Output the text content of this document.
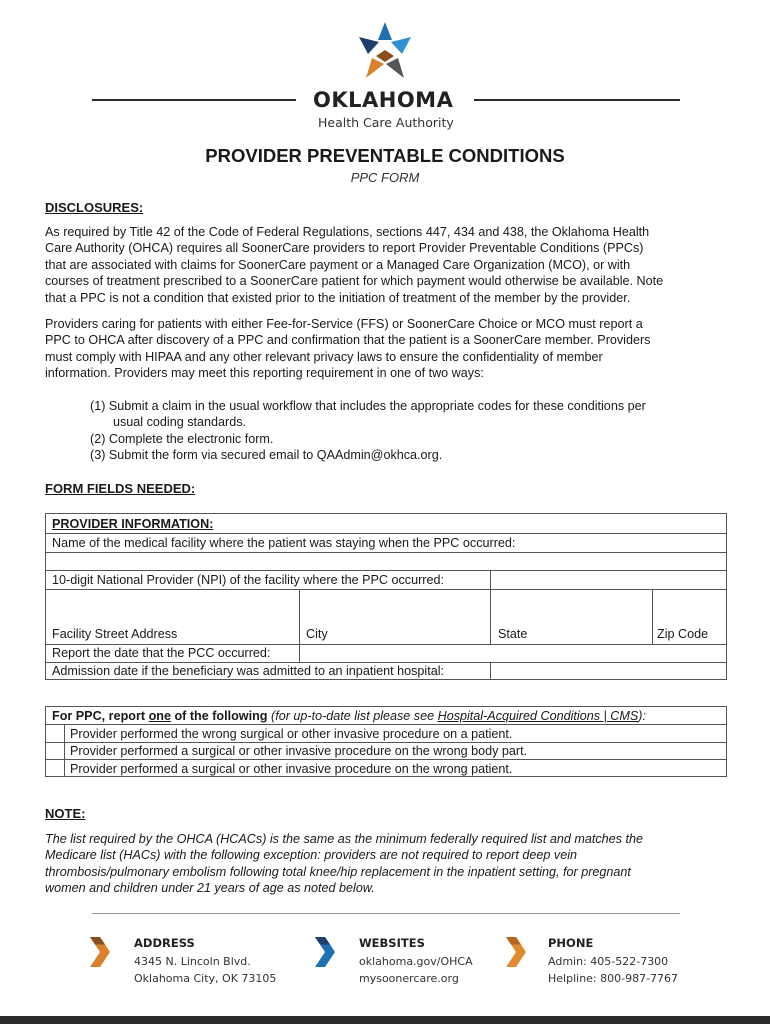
OKLAHOMA
Health Care Authority
PROVIDER PREVENTABLE CONDITIONS
PPC FORM
DISCLOSURES:
As required by Title 42 of the Code of Federal Regulations, sections 447, 434 and 438, the Oklahoma Health
Care Authority (OHCA) requires all SoonerCare providers to report Provider Preventable Conditions (PPCs)
that are associated with claims for SoonerCare payment or a Managed Care Organization (MCO), or with
courses of treatment prescribed to a SoonerCare patient for which payment would otherwise be available. Note
that a PPC is not a condition that existed prior to the initiation of treatment of the member by the provider.
Providers caring for patients with either Fee-for-Service (FFS) or SoonerCare Choice or MCO must report a
PPC to OHCA after discovery of a PPC and confirmation that the patient is a SoonerCare member. Providers
must comply with HIPAA and any other relevant privacy laws to ensure the confidentiality of member
information. Providers may meet this reporting requirement in one of two ways:
(1) Submit a claim in the usual workflow that includes the appropriate codes for these conditions per
usual coding standards.
(2) Complete the electronic form.
(3) Submit the form via secured email to QAAdmin@okhca.org.
FORM FIELDS NEEDED:
PROVIDER INFORMATION:
Name of the medical facility where the patient was staying when the PPC occurred:
10-digit National Provider (NPI) of the facility where the PPC occurred:
Facility Street Address	City	State	Zip Code
Report the date that the PCC occurred:
Admission date if the beneficiary was admitted to an inpatient hospital:
For PPC, report one of the following (for up-to-date list please see Hospital-Acquired Conditions | CMS):
Provider performed the wrong surgical or other invasive procedure on a patient.
Provider performed a surgical or other invasive procedure on the wrong body part.
Provider performed a surgical or other invasive procedure on the wrong patient.
NOTE:
The list required by the OHCA (HCACs) is the same as the minimum federally required list and matches the
Medicare list (HACs) with the following exception: providers are not required to report deep vein
thrombosis/pulmonary embolism following total knee/hip replacement in the inpatient setting, for pregnant
women and children under 21 years of age as noted below.
ADDRESS
4345 N. Lincoln Blvd.
Oklahoma City, OK 73105
WEBSITES
oklahoma.gov/OHCA
mysoonercare.org
PHONE
Admin: 405-522-7300
Helpline: 800-987-7767
